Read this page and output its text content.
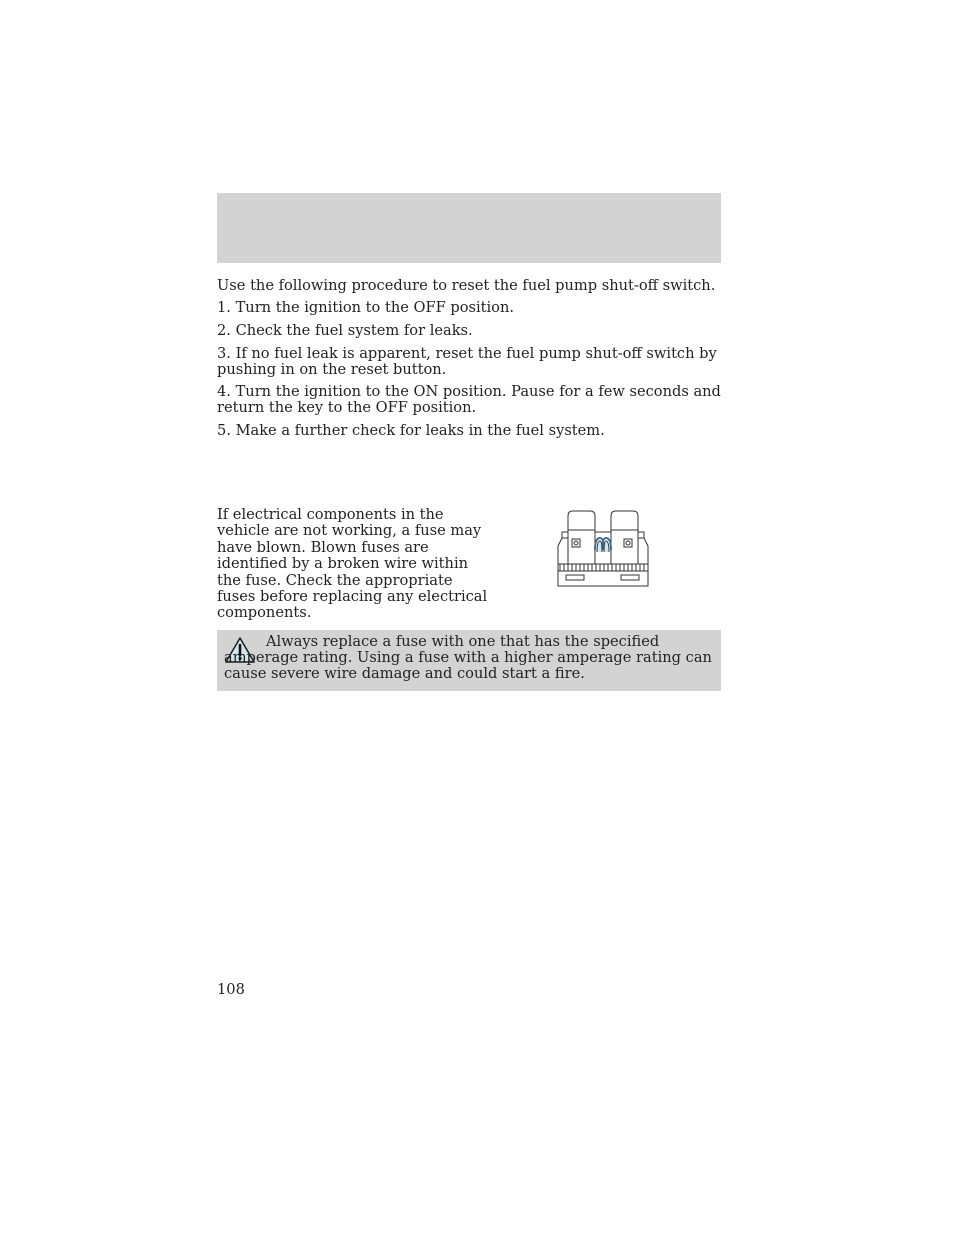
Use the following procedure to reset the fuel pump shut-off switch.

1. Turn the ignition to the OFF position.

2. Check the fuel system for leaks.

3. If no fuel leak is apparent, reset the fuel pump shut-off switch by
pushing in on the reset button.

4. Turn the ignition to the ON position. Pause for a few seconds and
return the key to the OFF position.

5. Make a further check for leaks in the fuel system.

If electrical components in the
vehicle are not working, a fuse may
have blown. Blown fuses are
identified by a broken wire within
the fuse. Check the appropriate
fuses before replacing any electrical
components.

Always replace a fuse with one that has the specified amperage rating. Using a fuse with a higher amperage rating can cause severe wire damage and could start a fire.

108
